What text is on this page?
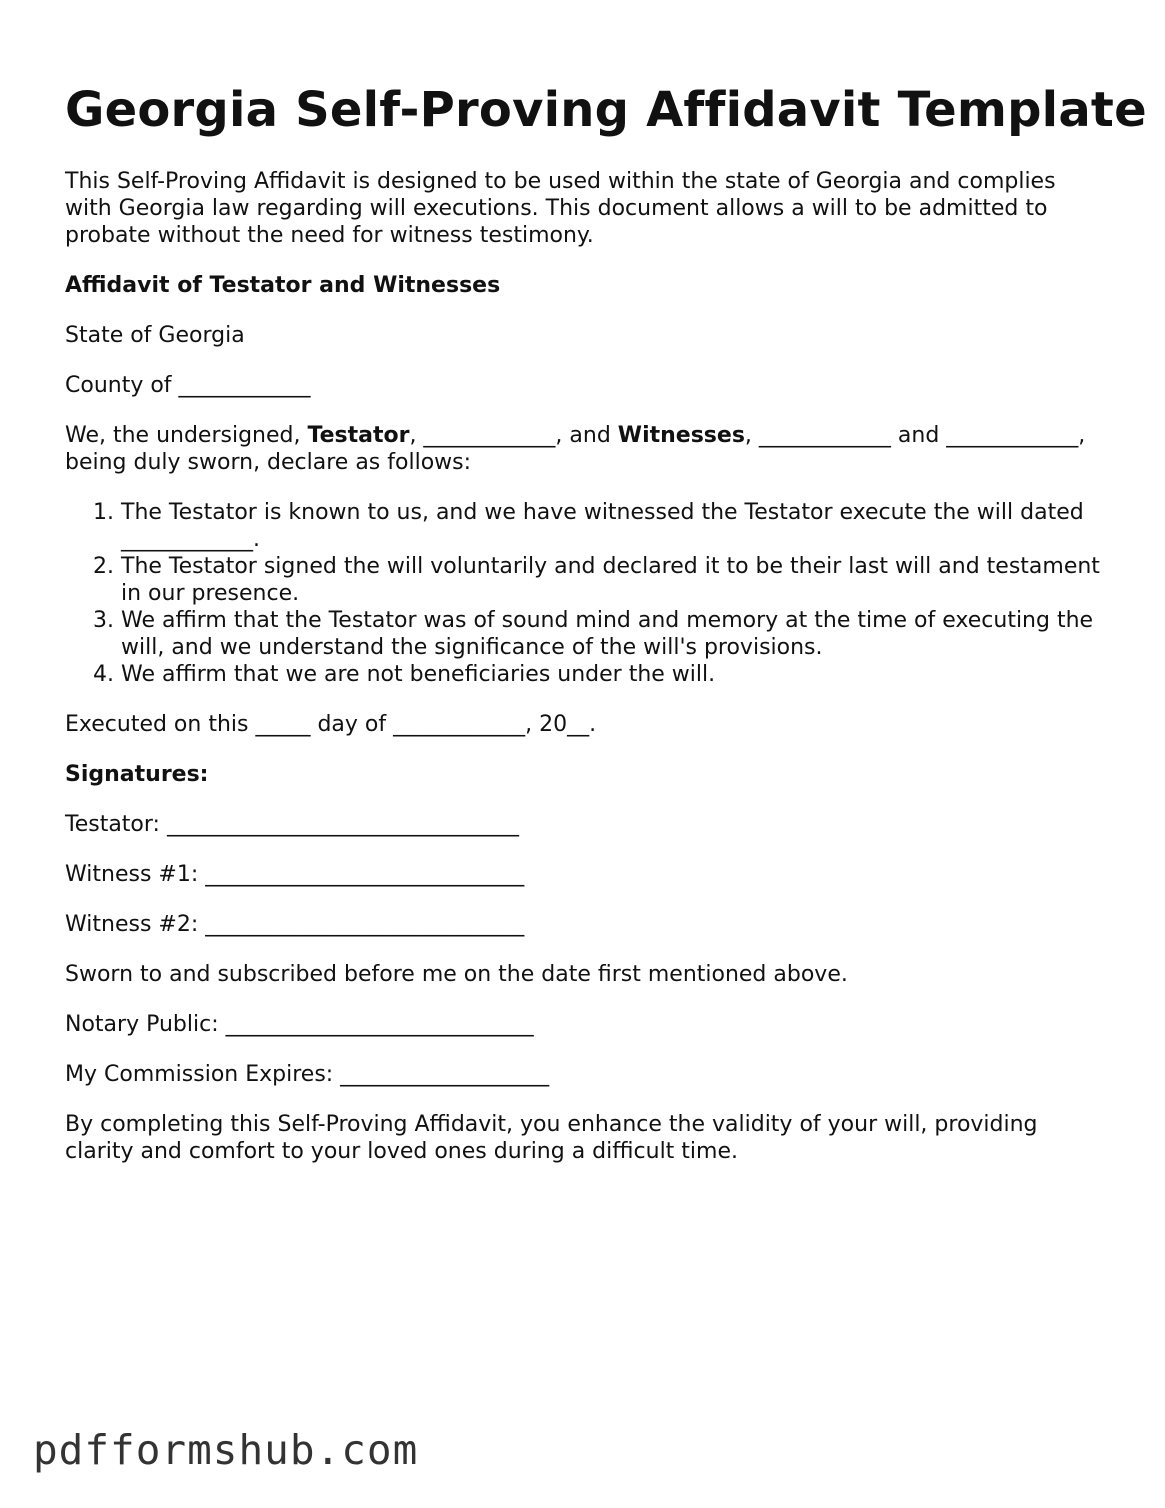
Georgia Self-Proving Affidavit Template

This Self-Proving Affidavit is designed to be used within the state of Georgia and complies with Georgia law regarding will executions. This document allows a will to be admitted to probate without the need for witness testimony.

Affidavit of Testator and Witnesses

State of Georgia

County of ____________

We, the undersigned, Testator, ____________, and Witnesses, ____________ and ____________, being duly sworn, declare as follows:

1. The Testator is known to us, and we have witnessed the Testator execute the will dated ____________.
2. The Testator signed the will voluntarily and declared it to be their last will and testament in our presence.
3. We affirm that the Testator was of sound mind and memory at the time of executing the will, and we understand the significance of the will's provisions.
4. We affirm that we are not beneficiaries under the will.

Executed on this _____ day of ____________, 20__.

Signatures:

Testator: ________________________________

Witness #1: _____________________________

Witness #2: _____________________________

Sworn to and subscribed before me on the date first mentioned above.

Notary Public: ____________________________

My Commission Expires: ___________________

By completing this Self-Proving Affidavit, you enhance the validity of your will, providing clarity and comfort to your loved ones during a difficult time.

pdfformshub.com
